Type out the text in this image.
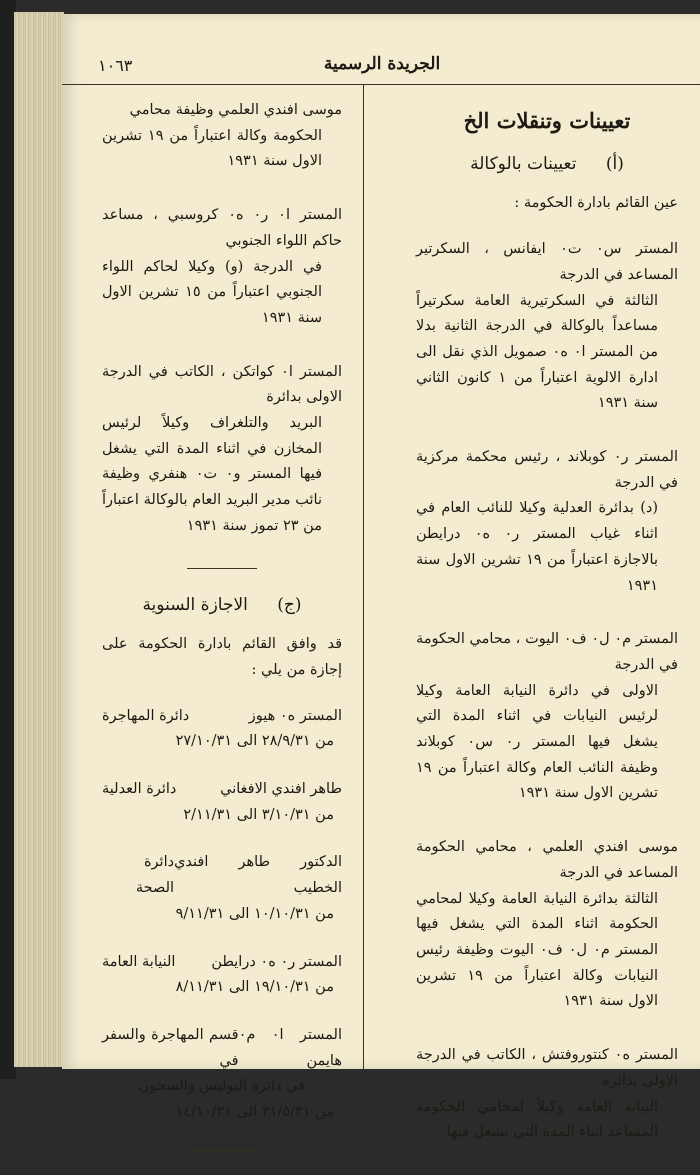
١٠٦٣	الجريدة الرسمية
تعيينات وتنقلات الخ
(أ) تعيينات بالوكالة
عين القائم بادارة الحكومة :
المستر س٠ ت٠ ايفانس ، السكرتير المساعد في الدرجة
الثالثة في السكرتيرية العامة سكرتيراً مساعداً بالوكالة في الدرجة الثانية بدلا من المستر ا٠ ه٠ صمويل الذي نقل الى ادارة الالوية اعتباراً من ١ كانون الثاني سنة ١٩٣١
المستر ر٠ كوبلاند ، رئيس محكمة مركزية في الدرجة
(د) بدائرة العدلية وكيلا للنائب العام في اثناء غياب المستر ر٠ ه٠ درايطن بالاجازة اعتباراً من ١٩ تشرين الاول سنة ١٩٣١
المستر م٠ ل٠ ف٠ اليوت ، محامي الحكومة في الدرجة
الاولى في دائرة النيابة العامة وكيلا لرئيس النيابات في اثناء المدة التي يشغل فيها المستر ر٠ س٠ كوبلاند وظيفة النائب العام وكالة اعتباراً من ١٩ تشرين الاول سنة ١٩٣١
موسى افندي العلمي ، محامي الحكومة المساعد في الدرجة
الثالثة بدائرة النيابة العامة وكيلا لمحامي الحكومة اثناء المدة التي يشغل فيها المستر م٠ ل٠ ف٠ اليوت وظيفة رئيس النيابات وكالة اعتباراً من ١٩ تشرين الاول سنة ١٩٣١
المستر ه٠ كنتوروفتش ، الكاتب في الدرجة الاولى بدائرة
النيابة العامة وكيلاً لمحامي الحكومة المساعد اثناء المدة التي يشغل فيها
موسى افندي العلمي وظيفة محامي
الحكومة وكالة اعتباراً من ١٩ تشرين الاول سنة ١٩٣١
المستر ا٠ ر٠ ه٠ كروسبي ، مساعد حاكم اللواء الجنوبي
في الدرجة (و) وكيلا لحاكم اللواء الجنوبي اعتباراً من ١٥ تشرين الاول سنة ١٩٣١
المستر ا٠ كواتكن ، الكاتب في الدرجة الاولى بدائرة
البريد والتلغراف وكيلاً لرئيس المخازن في اثناء المدة التي يشغل فيها المستر و٠ ت٠ هنفري وظيفة نائب مدير البريد العام بالوكالة اعتباراً من ٢٣ تموز سنة ١٩٣١
(ج) الاجازة السنوية
قد وافق القائم بادارة الحكومة على إجازة من يلي :
المستر ه٠ هيوز
دائرة المهاجرة
من ٢٨/٩/٣١ الى ٢٧/١٠/٣١
طاهر افندي الافغاني
دائرة العدلية
من ٣/١٠/٣١ الى ٢/١١/٣١
الدكتور طاهر افندي الخطيب
دائرة الصحة
من ١٠/١٠/٣١ الى ٩/١١/٣١
المستر ر٠ ه٠ درايطن
النيابة العامة
من ١٩/١٠/٣١ الى ٨/١١/٣١
المستر ا٠ م٠ هايمن
قسم المهاجرة والسفر في
في دائرة البوليس والسجون
من ٣١/٥/٣١ الى ١٤/١٠/٣١
